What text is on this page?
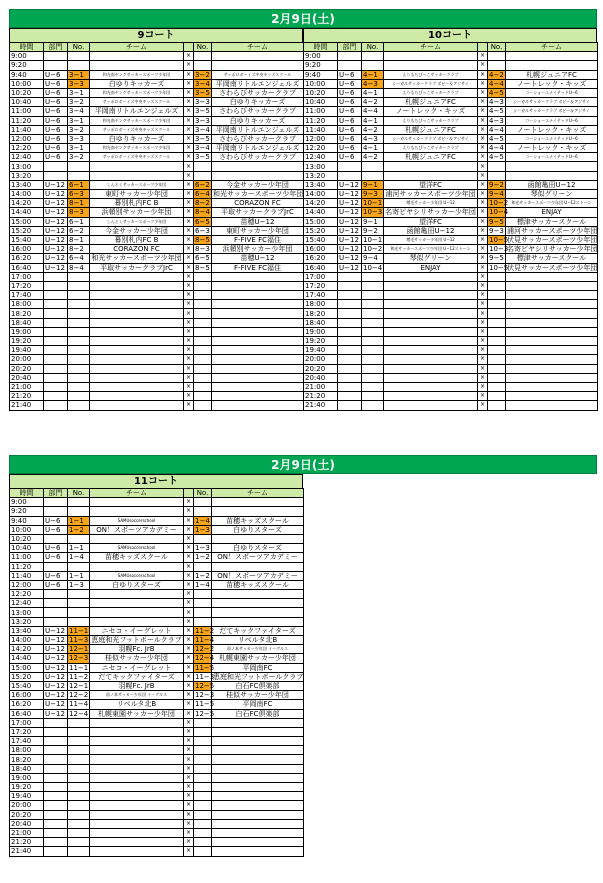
2月9日(土)
9コート
時間	部門	No.	チーム		No.	チーム
9:00				×		
9:20				×		
9:40	U−6	3−1	和光南ヤングサッカースポーツ少年団	×	3−2	サッポロボーイズ中央キッズスクール
10:00	U−6	3−3	白ゆりキッカーズ	×	3−4	平岡南リトルエンジェルズ
10:20	U−6	3−1	和光南ヤングサッカースポーツ少年団	×	3−5	さわらびサッカークラブ
10:40	U−6	3−2	サッポロボーイズ中央キッズスクール	×	3−3	白ゆりキッカーズ
11:00	U−6	3−4	平岡南リトルエンジェルズ	×	3−5	さわらびサッカークラブ
11:20	U−6	3−1	和光南ヤングサッカースポーツ少年団	×	3−3	白ゆりキッカーズ
11:40	U−6	3−2	サッポロボーイズ中央キッズスクール	×	3−4	平岡南リトルエンジェルズ
12:00	U−6	3−3	白ゆりキッカーズ	×	3−5	さわらびサッカークラブ
12:20	U−6	3−1	和光南ヤングサッカースポーツ少年団	×	3−4	平岡南リトルエンジェルズ
12:40	U−6	3−2	サッポロボーイズ中央キッズスクール	×	3−5	さわらびサッカークラブ
13:00				×		
13:20				×		
13:40	U−12	6−1	しんとくサッカースポーツ少年団	×	6−2	今金サッカー少年団
14:00	U−12	6−3	東町サッカー少年団	×	6−4	和光サッカースポーツ少年団
14:20	U−12	8−1	幕別札内FC B	×	8−2	CORAZON FC
14:40	U−12	8−3	浜頓別サッカー少年団	×	8−4	平取サッカークラブJrC
15:00	U−12	6−1	しんとくサッカースポーツ少年団	×	6−5	苗穂U−12
15:20	U−12	6−2	今金サッカー少年団	×	6−3	東町サッカー少年団
15:40	U−12	8−1	幕別札内FC B	×	8−5	F-FIVE FC福住
16:00	U−12	8−2	CORAZON FC	×	8−3	浜頓別サッカー少年団
16:20	U−12	6−4	和光サッカースポーツ少年団	×	6−5	苗穂U−12
16:40	U−12	8−4	平取サッカークラブJrC	×	8−5	F-FIVE FC福住
17:00				×		
17:20				×		
17:40				×		
18:00				×		
18:20				×		
18:40				×		
19:00				×		
19:20				×		
19:40				×		
20:00				×		
20:20				×		
20:40				×		
21:00				×		
21:20				×		
21:40				×		
10コート
時間	部門	No.	チーム		No.	チーム
9:00				×		
9:20				×		
9:40	U−6	4−1	えりもちびっこサッカークラブ	×	4−2	札幌ジュニアFC
10:00	U−6	4−3	シーガルサッカークラブ ボビー＆アジサイ	×	4−4	ノートレック・キッズ
10:20	U−6	4−1	えりもちびっこサッカークラブ	×	4−5	コーショーユナイテッドU−6
10:40	U−6	4−2	札幌ジュニアFC	×	4−3	シーガルサッカークラブ ボビー＆アジサイ
11:00	U−6	4−4	ノートレック・キッズ	×	4−5	シーガルサッカークラブ ボビー＆アジサイ
11:20	U−6	4−1	えりもちびっこサッカークラブ	×	4−3	コーショーユナイテッドU−6
11:40	U−6	4−2	札幌ジュニアFC	×	4−4	ノートレック・キッズ
12:00	U−6	4−3	シーガルサッカークラブ ボビー＆アジサイ	×	4−5	コーショーユナイテッドU−6
12:20	U−6	4−1	えりもちびっこサッカークラブ	×	4−4	ノートレック・キッズ
12:40	U−6	4−2	札幌ジュニアFC	×	4−5	コーショーユナイテッドU−6
13:00				×		
13:20				×		
13:40	U−12	9−1	望洋FC	×	9−2	函館亀田U−12
14:00	U−12	9−3	浦河サッカースポーツ少年団	×	9−4	琴似グリーン
14:20	U−12	10−1	増毛サッカー少年団 U−12	×	10−2	和光サッカースポーツ少年団 U−12ストーン
14:40	U−12	10−3	名寄ピヤシリサッカー少年団	×	10−4	ENJAY
15:00	U−12	9−1	望洋FC	×	9−5	標津サッカースクール
15:20	U−12	9−2	函館亀田U−12	×	9−3	浦河サッカースポーツ少年団
15:40	U−12	10−1	増毛サッカー少年団 U−12	×	10−5	伏見サッカースポーツ少年団
16:00	U−12	10−2	和光サッカースポーツ少年団 U−12ストーン	×	10−3	名寄ピヤシリサッカー少年団
16:20	U−12	9−4	琴似グリーン	×	9−5	標津サッカースクール
16:40	U−12	10−4	ENJAY	×	10−5	伏見サッカースポーツ少年団
17:00				×		
17:20				×		
17:40				×		
18:00				×		
18:20				×		
18:40				×		
19:00				×		
19:20				×		
19:40				×		
20:00				×		
20:20				×		
20:40				×		
21:00				×		
21:20				×		
21:40				×		
2月9日(土)
11コート
時間	部門	No.	チーム		No.	チーム
9:00				×		
9:20				×		
9:40	U−6	1−1	SAMUsoccerschool	×	1−4	苗穂キッズスクール
10:00	U−6	1−2	ON！スポーツアカデミー	×	1−3	白ゆりスターズ
10:20				×		
10:40	U−6	1−1	SAMUsoccerschool	×	1−3	白ゆりスターズ
11:00	U−6	1−4	苗穂キッズスクール	×	1−2	ON！スポーツアカデミー
11:20				×		
11:40	U−6	1−1	SAMUsoccerschool	×	1−2	ON！スポーツアカデミー
12:00	U−6	1−3	白ゆりスターズ	×	1−4	苗穂キッズスクール
12:20				×		
12:40				×		
13:00				×		
13:20				×		
13:40	U−12	11−1	ニセコ・イーグレット	×	11−2	だてキックファイターズ
14:00	U−12	11−3	恵庭和光フットボールクラブ	×	11−4	リベルタ北B
14:20	U−12	12−1	羽幌Fc. JrB	×	12−2	留ノ本サッカー少年団 イーグルス
14:40	U−12	12−3	桂似サッカー少年団	×	12−4	札幌東園サッカー少年団
15:00	U−12	11−1	ニセコ・イーグレット	×	11−5	平岡南FC
15:20	U−12	11−2	だてキックファイターズ	×	11−3	恵庭和光フットボールクラブ
15:40	U−12	12−1	羽幌Fc. JrB	×	12−5	白石FC倶楽部
16:00	U−12	12−2	留ノ本サッカー少年団 イーグルス	×	12−3	桂似サッカー少年団
16:20	U−12	11−4	リベルタ北B	×	11−5	平岡南FC
16:40	U−12	12−4	札幌東園サッカー少年団	×	12−5	白石FC倶楽部
17:00				×		
17:20				×		
17:40				×		
18:00				×		
18:20				×		
18:40				×		
19:00				×		
19:20				×		
19:40				×		
20:00				×		
20:20				×		
20:40				×		
21:00				×		
21:20				×		
21:40				×		
